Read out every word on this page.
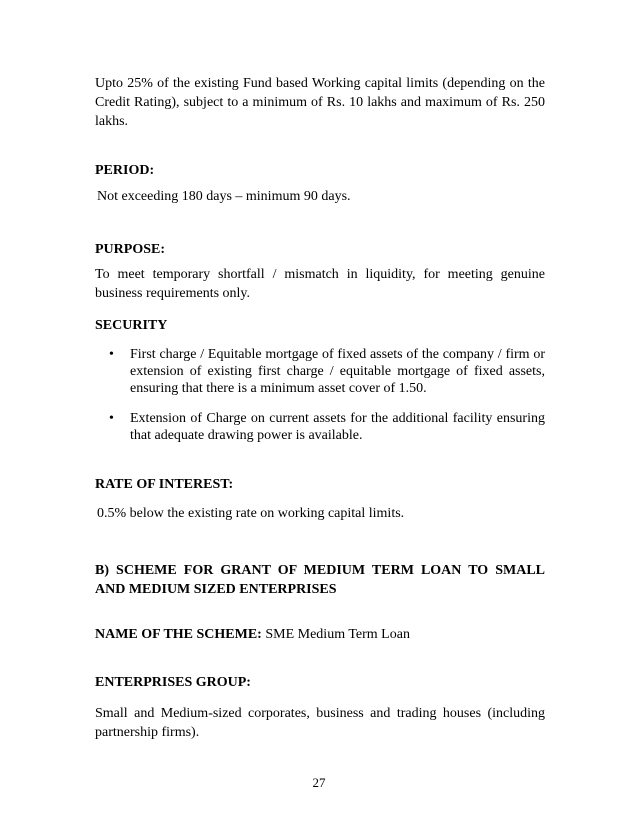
Upto 25% of the existing Fund based Working capital limits (depending on the Credit Rating), subject to a minimum of Rs. 10 lakhs and maximum of Rs. 250 lakhs.

PERIOD:

Not exceeding 180 days – minimum 90 days.

PURPOSE:

To meet temporary shortfall / mismatch in liquidity, for meeting genuine business requirements only.

SECURITY

• First charge / Equitable mortgage of fixed assets of the company / firm or extension of existing first charge / equitable mortgage of fixed assets, ensuring that there is a minimum asset cover of 1.50.
• Extension of Charge on current assets for the additional facility ensuring that adequate drawing power is available.

RATE OF INTEREST:

0.5% below the existing rate on working capital limits.

B) SCHEME FOR GRANT OF MEDIUM TERM LOAN TO SMALL AND MEDIUM SIZED ENTERPRISES

NAME OF THE SCHEME: SME Medium Term Loan

ENTERPRISES GROUP:

Small and Medium-sized corporates, business and trading houses (including partnership firms).

27
